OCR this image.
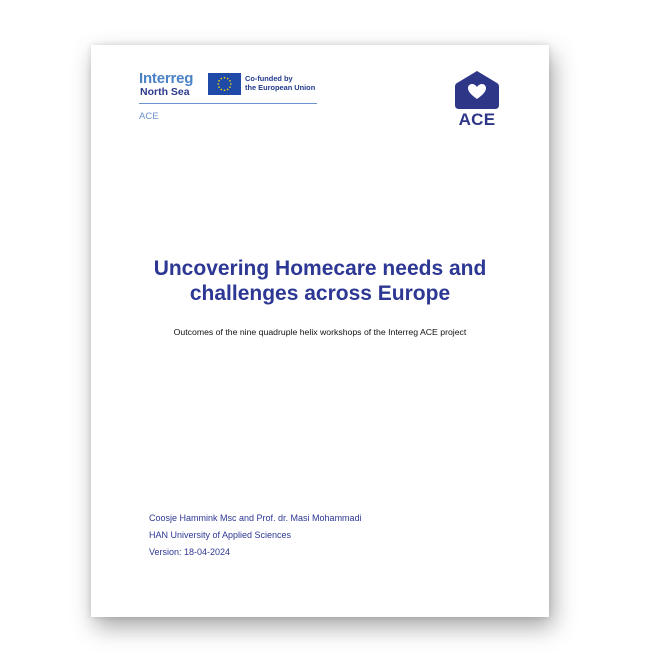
Interreg
North Sea
Co-funded by
the European Union
ACE	ACE
Uncovering Homecare needs and
challenges across Europe
Outcomes of the nine quadruple helix workshops of the Interreg ACE project
Coosje Hammink Msc and Prof. dr. Masi Mohammadi
HAN University of Applied Sciences
Version: 18-04-2024
